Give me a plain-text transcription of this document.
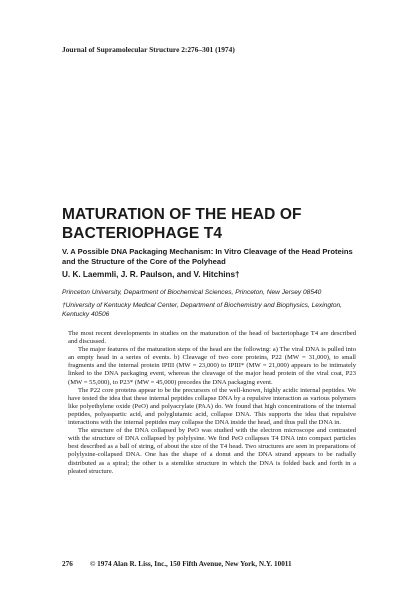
Journal of Supramolecular Structure 2:276–301 (1974)
MATURATION OF THE HEAD OF
BACTERIOPHAGE T4
V. A Possible DNA Packaging Mechanism: In Vitro Cleavage of the Head Proteins and the Structure of the Core of the Polyhead
U. K. Laemmli, J. R. Paulson, and V. Hitchins†
Princeton University, Department of Biochemical Sciences, Princeton, New Jersey 08540
†University of Kentucky Medical Center, Department of Biochemistry and Biophysics, Lexington, Kentucky 40506

The most recent developments in studies on the maturation of the head of bacteriophage T4 are described and discussed.

The major features of the maturation steps of the head are the following: a) The viral DNA is pulled into an empty head in a series of events. b) Cleavage of two core proteins, P22 (MW = 31,000), to small fragments and the internal protein IPIII (MW = 23,000) to IPIII* (MW = 21,000) appears to be intimately linked to the DNA packaging event, whereas the cleavage of the major head protein of the viral coat, P23 (MW = 55,000), to P23* (MW = 45,000) precedes the DNA packaging event.

The P22 core proteins appear to be the precursors of the well-known, highly acidic internal peptides. We have tested the idea that these internal peptides collapse DNA by a repulsive interaction as various polymers like polyethylene oxide (PeO) and polyacrylate (PAA) do. We found that high concentrations of the internal peptides, polyaspartic acid, and polyglutamic acid, collapse DNA. This supports the idea that repulsive interactions with the internal peptides may collapse the DNA inside the head, and thus pull the DNA in.

The structure of the DNA collapsed by PeO was studied with the electron microscope and contrasted with the structure of DNA collapsed by polylysine. We find PeO collapses T4 DNA into compact particles best described as a ball of string, of about the size of the T4 head. Two structures are seen in preparations of polylysine-collapsed DNA. One has the shape of a donut and the DNA strand appears to be radially distributed as a spiral; the other is a stemlike structure in which the DNA is folded back and forth in a pleated structure.

276 © 1974 Alan R. Liss, Inc., 150 Fifth Avenue, New York, N.Y. 10011
